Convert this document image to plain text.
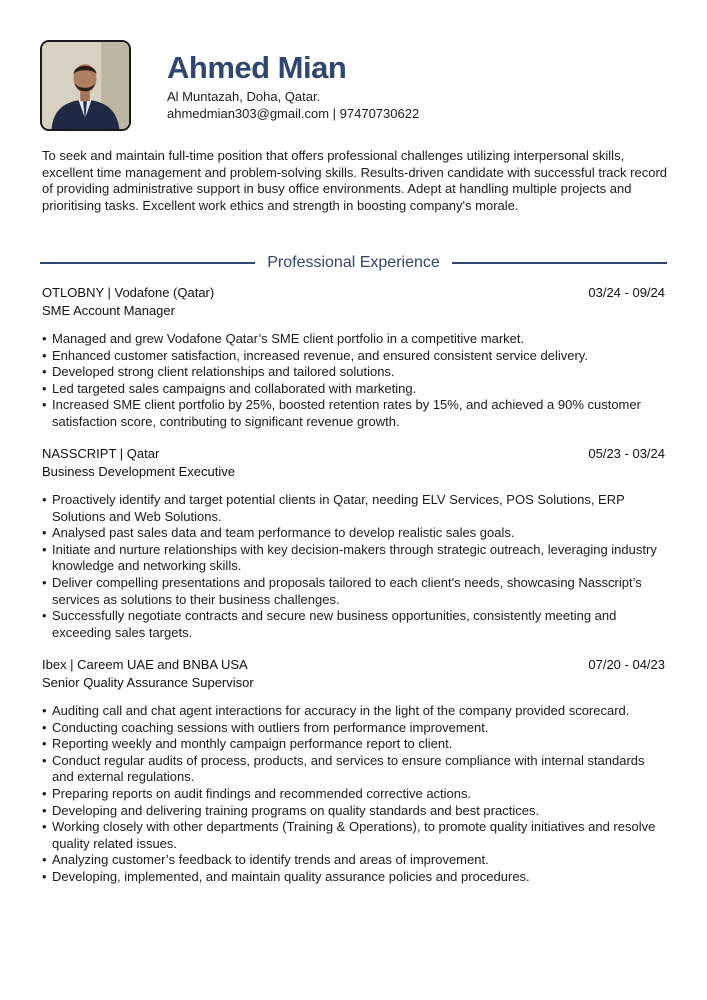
Ahmed Mian
Al Muntazah, Doha, Qatar.
ahmedmian303@gmail.com | 97470730622

To seek and maintain full-time position that offers professional challenges utilizing interpersonal skills, excellent time management and problem-solving skills. Results-driven candidate with successful track record of providing administrative support in busy office environments. Adept at handling multiple projects and prioritising tasks. Excellent work ethics and strength in boosting company's morale.

Professional Experience
OTLOBNY | Vodafone (Qatar)	03/24 - 09/24
SME Account Manager
• Managed and grew Vodafone Qatar’s SME client portfolio in a competitive market.
• Enhanced customer satisfaction, increased revenue, and ensured consistent service delivery.
• Developed strong client relationships and tailored solutions.
• Led targeted sales campaigns and collaborated with marketing.
• Increased SME client portfolio by 25%, boosted retention rates by 15%, and achieved a 90% customer satisfaction score, contributing to significant revenue growth.
NASSCRIPT | Qatar	05/23 - 03/24
Business Development Executive
• Proactively identify and target potential clients in Qatar, needing ELV Services, POS Solutions, ERP Solutions and Web Solutions.
• Analysed past sales data and team performance to develop realistic sales goals.
• Initiate and nurture relationships with key decision-makers through strategic outreach, leveraging industry knowledge and networking skills.
• Deliver compelling presentations and proposals tailored to each client's needs, showcasing Nasscript’s services as solutions to their business challenges.
• Successfully negotiate contracts and secure new business opportunities, consistently meeting and exceeding sales targets.
Ibex | Careem UAE and BNBA USA	07/20 - 04/23
Senior Quality Assurance Supervisor
• Auditing call and chat agent interactions for accuracy in the light of the company provided scorecard.
• Conducting coaching sessions with outliers from performance improvement.
• Reporting weekly and monthly campaign performance report to client.
• Conduct regular audits of process, products, and services to ensure compliance with internal standards and external regulations.
• Preparing reports on audit findings and recommended corrective actions.
• Developing and delivering training programs on quality standards and best practices.
• Working closely with other departments (Training & Operations), to promote quality initiatives and resolve quality related issues.
• Analyzing customer’s feedback to identify trends and areas of improvement.
• Developing, implemented, and maintain quality assurance policies and procedures.
